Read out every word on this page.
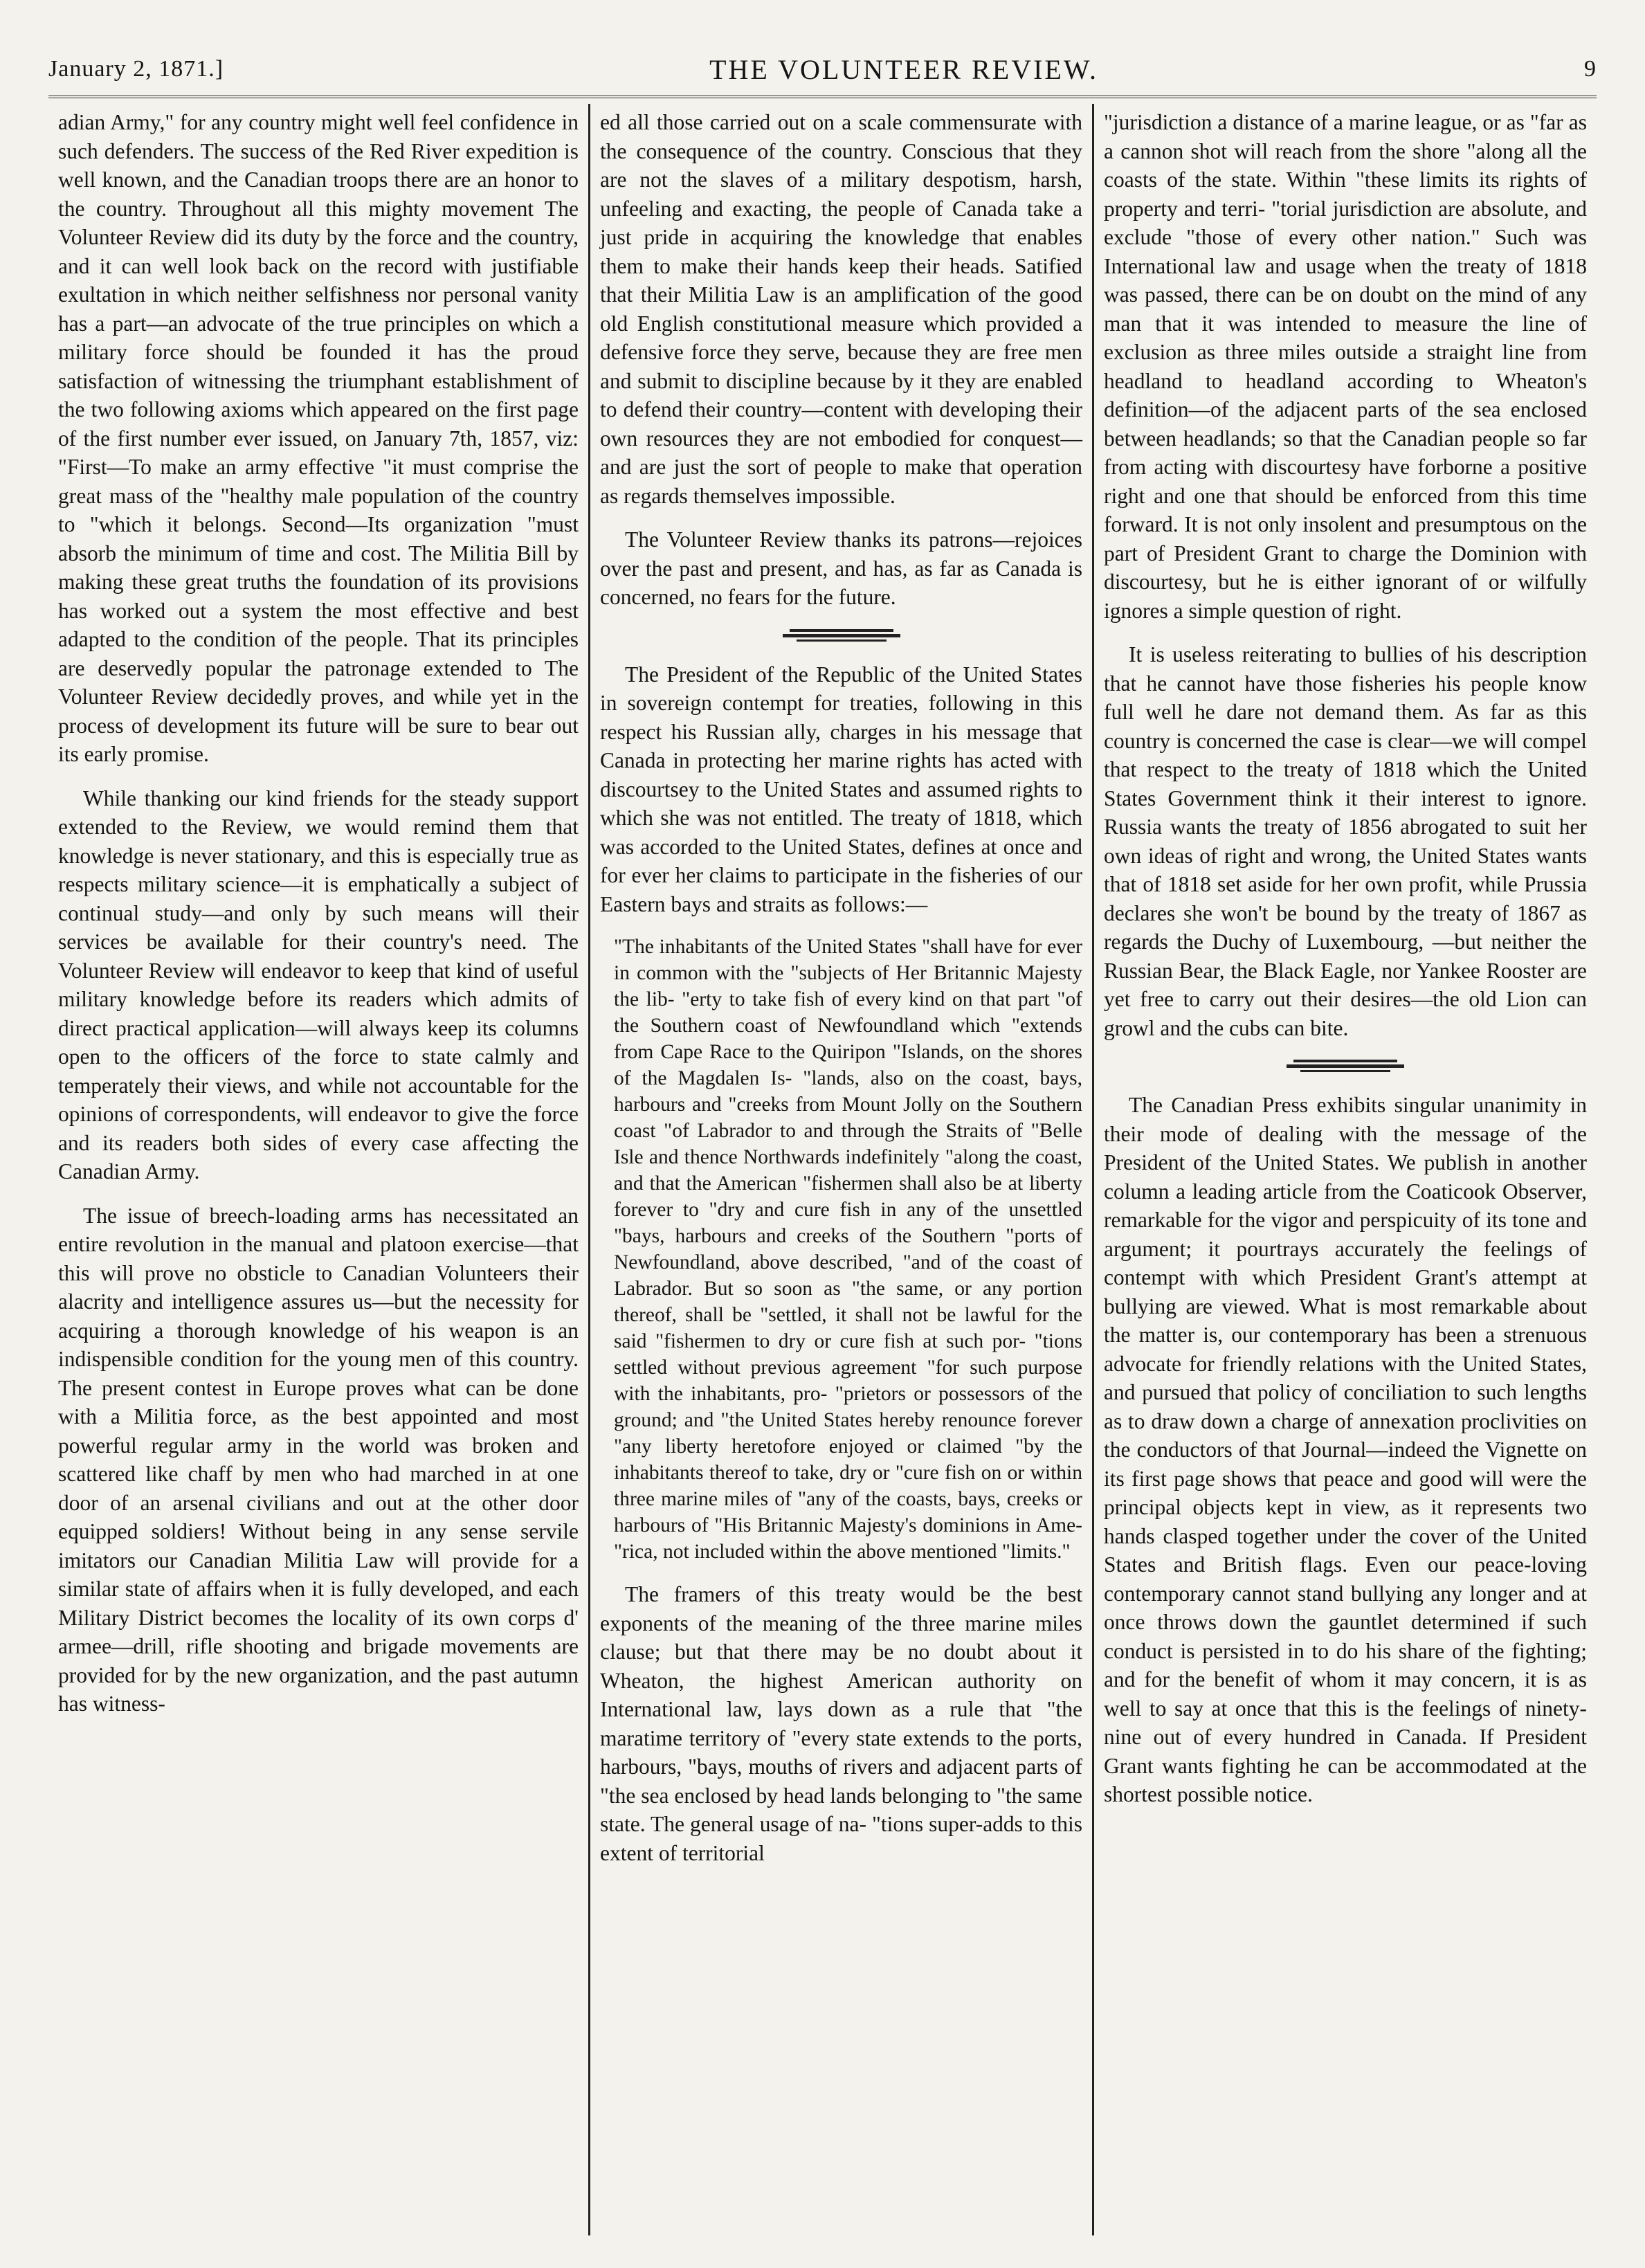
January 2, 1871.]	THE VOLUNTEER REVIEW.	9

adian Army," for any country might well feel confidence in such defenders. The success of the Red River expedition is well known, and the Canadian troops there are an honor to the country. Throughout all this mighty movement The Volunteer Review did its duty by the force and the country, and it can well look back on the record with justifiable exultation in which neither selfishness nor personal vanity has a part—an advocate of the true principles on which a military force should be founded it has the proud satisfaction of witnessing the triumphant establishment of the two following axioms which appeared on the first page of the first number ever issued, on January 7th, 1857, viz: "First—To make an army effective "it must comprise the great mass of the "healthy male population of the country to "which it belongs. Second—Its organization "must absorb the minimum of time and cost. The Militia Bill by making these great truths the foundation of its provisions has worked out a system the most effective and best adapted to the condition of the people. That its principles are deservedly popular the patronage extended to The Volunteer Review decidedly proves, and while yet in the process of development its future will be sure to bear out its early promise.

While thanking our kind friends for the steady support extended to the Review, we would remind them that knowledge is never stationary, and this is especially true as respects military science—it is emphatically a subject of continual study—and only by such means will their services be available for their country's need. The Volunteer Review will endeavor to keep that kind of useful military knowledge before its readers which admits of direct practical application—will always keep its columns open to the officers of the force to state calmly and temperately their views, and while not accountable for the opinions of correspondents, will endeavor to give the force and its readers both sides of every case affecting the Canadian Army.

The issue of breech-loading arms has necessitated an entire revolution in the manual and platoon exercise—that this will prove no obsticle to Canadian Volunteers their alacrity and intelligence assures us—but the necessity for acquiring a thorough knowledge of his weapon is an indispensible condition for the young men of this country. The present contest in Europe proves what can be done with a Militia force, as the best appointed and most powerful regular army in the world was broken and scattered like chaff by men who had marched in at one door of an arsenal civilians and out at the other door equipped soldiers! Without being in any sense servile imitators our Canadian Militia Law will provide for a similar state of affairs when it is fully developed, and each Military District becomes the locality of its own corps d' armee—drill, rifle shooting and brigade movements are provided for by the new organization, and the past autumn has witness-

ed all those carried out on a scale commensurate with the consequence of the country. Conscious that they are not the slaves of a military despotism, harsh, unfeeling and exacting, the people of Canada take a just pride in acquiring the knowledge that enables them to make their hands keep their heads. Satified that their Militia Law is an amplification of the good old English constitutional measure which provided a defensive force they serve, because they are free men and submit to discipline because by it they are enabled to defend their country—content with developing their own resources they are not embodied for conquest—and are just the sort of people to make that operation as regards themselves impossible.

The Volunteer Review thanks its patrons—rejoices over the past and present, and has, as far as Canada is concerned, no fears for the future.

The President of the Republic of the United States in sovereign contempt for treaties, following in this respect his Russian ally, charges in his message that Canada in protecting her marine rights has acted with discourtsey to the United States and assumed rights to which she was not entitled. The treaty of 1818, which was accorded to the United States, defines at once and for ever her claims to participate in the fisheries of our Eastern bays and straits as follows:—

"The inhabitants of the United States "shall have for ever in common with the "subjects of Her Britannic Majesty the lib- "erty to take fish of every kind on that part "of the Southern coast of Newfoundland which "extends from Cape Race to the Quiripon "Islands, on the shores of the Magdalen Is- "lands, also on the coast, bays, harbours and "creeks from Mount Jolly on the Southern coast "of Labrador to and through the Straits of "Belle Isle and thence Northwards indefinitely "along the coast, and that the American "fishermen shall also be at liberty forever to "dry and cure fish in any of the unsettled "bays, harbours and creeks of the Southern "ports of Newfoundland, above described, "and of the coast of Labrador. But so soon as "the same, or any portion thereof, shall be "settled, it shall not be lawful for the said "fishermen to dry or cure fish at such por- "tions settled without previous agreement "for such purpose with the inhabitants, pro- "prietors or possessors of the ground; and "the United States hereby renounce forever "any liberty heretofore enjoyed or claimed "by the inhabitants thereof to take, dry or "cure fish on or within three marine miles of "any of the coasts, bays, creeks or harbours of "His Britannic Majesty's dominions in Ame- "rica, not included within the above mentioned "limits."

The framers of this treaty would be the best exponents of the meaning of the three marine miles clause; but that there may be no doubt about it Wheaton, the highest American authority on International law, lays down as a rule that "the maratime territory of "every state extends to the ports, harbours, "bays, mouths of rivers and adjacent parts of "the sea enclosed by head lands belonging to "the same state. The general usage of na- "tions super-adds to this extent of territorial

"jurisdiction a distance of a marine league, or as "far as a cannon shot will reach from the shore "along all the coasts of the state. Within "these limits its rights of property and terri- "torial jurisdiction are absolute, and exclude "those of every other nation." Such was International law and usage when the treaty of 1818 was passed, there can be on doubt on the mind of any man that it was intended to measure the line of exclusion as three miles outside a straight line from headland to headland according to Wheaton's definition—of the adjacent parts of the sea enclosed between headlands; so that the Canadian people so far from acting with discourtesy have forborne a positive right and one that should be enforced from this time forward. It is not only insolent and presumptous on the part of President Grant to charge the Dominion with discourtesy, but he is either ignorant of or wilfully ignores a simple question of right.

It is useless reiterating to bullies of his description that he cannot have those fisheries his people know full well he dare not demand them. As far as this country is concerned the case is clear—we will compel that respect to the treaty of 1818 which the United States Government think it their interest to ignore. Russia wants the treaty of 1856 abrogated to suit her own ideas of right and wrong, the United States wants that of 1818 set aside for her own profit, while Prussia declares she won't be bound by the treaty of 1867 as regards the Duchy of Luxembourg, —but neither the Russian Bear, the Black Eagle, nor Yankee Rooster are yet free to carry out their desires—the old Lion can growl and the cubs can bite.

The Canadian Press exhibits singular unanimity in their mode of dealing with the message of the President of the United States. We publish in another column a leading article from the Coaticook Observer, remarkable for the vigor and perspicuity of its tone and argument; it pourtrays accurately the feelings of contempt with which President Grant's attempt at bullying are viewed. What is most remarkable about the matter is, our contemporary has been a strenuous advocate for friendly relations with the United States, and pursued that policy of conciliation to such lengths as to draw down a charge of annexation proclivities on the conductors of that Journal—indeed the Vignette on its first page shows that peace and good will were the principal objects kept in view, as it represents two hands clasped together under the cover of the United States and British flags. Even our peace-loving contemporary cannot stand bullying any longer and at once throws down the gauntlet determined if such conduct is persisted in to do his share of the fighting; and for the benefit of whom it may concern, it is as well to say at once that this is the feelings of ninety-nine out of every hundred in Canada. If President Grant wants fighting he can be accommodated at the shortest possible notice.
